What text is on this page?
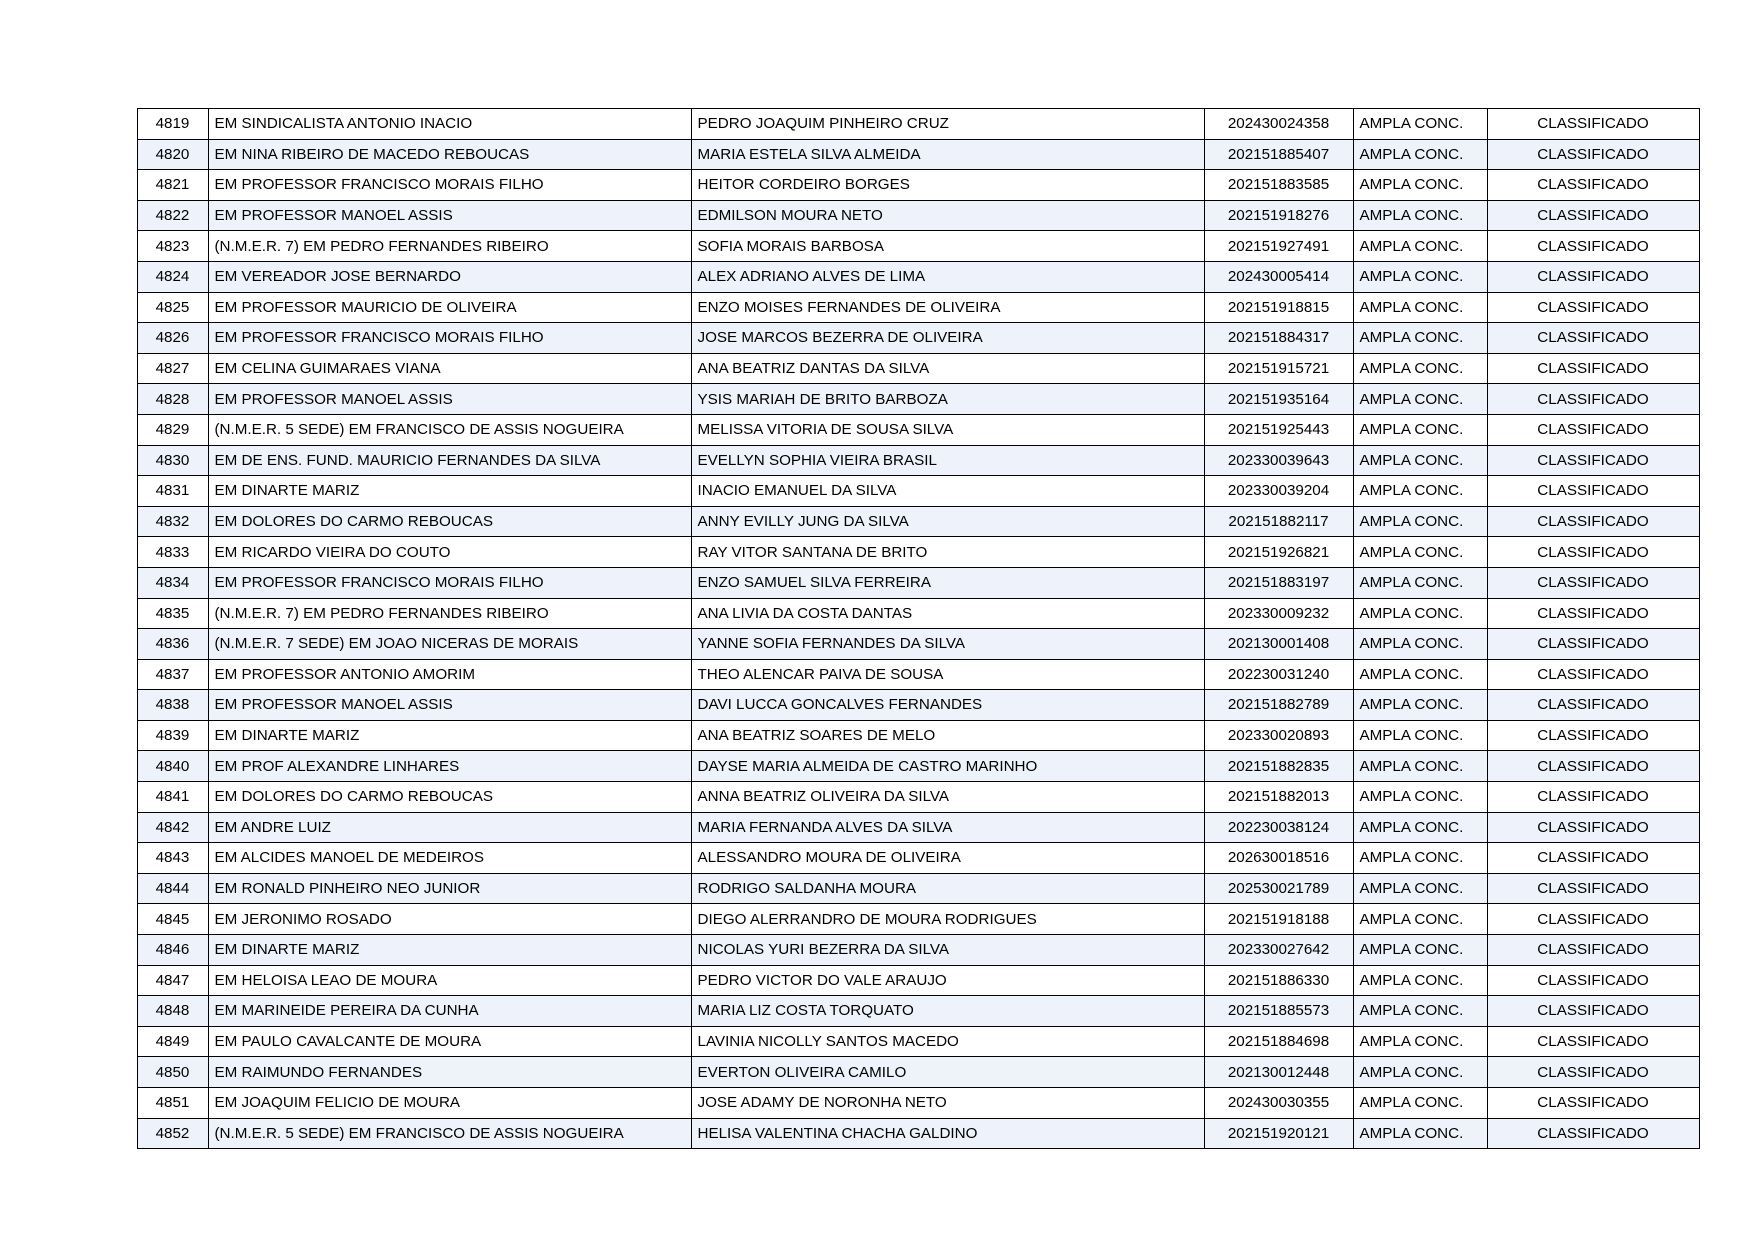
4819	EM SINDICALISTA ANTONIO INACIO	PEDRO JOAQUIM PINHEIRO CRUZ	202430024358	AMPLA CONC.	CLASSIFICADO
4820	EM NINA RIBEIRO DE MACEDO REBOUCAS	MARIA ESTELA SILVA ALMEIDA	202151885407	AMPLA CONC.	CLASSIFICADO
4821	EM PROFESSOR FRANCISCO MORAIS FILHO	HEITOR CORDEIRO BORGES	202151883585	AMPLA CONC.	CLASSIFICADO
4822	EM PROFESSOR MANOEL ASSIS	EDMILSON MOURA NETO	202151918276	AMPLA CONC.	CLASSIFICADO
4823	(N.M.E.R. 7) EM PEDRO FERNANDES RIBEIRO	SOFIA MORAIS BARBOSA	202151927491	AMPLA CONC.	CLASSIFICADO
4824	EM VEREADOR JOSE BERNARDO	ALEX ADRIANO ALVES DE LIMA	202430005414	AMPLA CONC.	CLASSIFICADO
4825	EM PROFESSOR MAURICIO DE OLIVEIRA	ENZO MOISES FERNANDES DE OLIVEIRA	202151918815	AMPLA CONC.	CLASSIFICADO
4826	EM PROFESSOR FRANCISCO MORAIS FILHO	JOSE MARCOS BEZERRA DE OLIVEIRA	202151884317	AMPLA CONC.	CLASSIFICADO
4827	EM CELINA GUIMARAES VIANA	ANA BEATRIZ DANTAS DA SILVA	202151915721	AMPLA CONC.	CLASSIFICADO
4828	EM PROFESSOR MANOEL ASSIS	YSIS MARIAH DE BRITO BARBOZA	202151935164	AMPLA CONC.	CLASSIFICADO
4829	(N.M.E.R. 5 SEDE) EM FRANCISCO DE ASSIS NOGUEIRA	MELISSA VITORIA DE SOUSA SILVA	202151925443	AMPLA CONC.	CLASSIFICADO
4830	EM DE ENS. FUND. MAURICIO FERNANDES DA SILVA	EVELLYN SOPHIA VIEIRA BRASIL	202330039643	AMPLA CONC.	CLASSIFICADO
4831	EM DINARTE MARIZ	INACIO EMANUEL DA SILVA	202330039204	AMPLA CONC.	CLASSIFICADO
4832	EM DOLORES DO CARMO REBOUCAS	ANNY EVILLY JUNG DA SILVA	202151882117	AMPLA CONC.	CLASSIFICADO
4833	EM RICARDO VIEIRA DO COUTO	RAY VITOR SANTANA DE BRITO	202151926821	AMPLA CONC.	CLASSIFICADO
4834	EM PROFESSOR FRANCISCO MORAIS FILHO	ENZO SAMUEL SILVA FERREIRA	202151883197	AMPLA CONC.	CLASSIFICADO
4835	(N.M.E.R. 7) EM PEDRO FERNANDES RIBEIRO	ANA LIVIA DA COSTA DANTAS	202330009232	AMPLA CONC.	CLASSIFICADO
4836	(N.M.E.R. 7 SEDE) EM JOAO NICERAS DE MORAIS	YANNE SOFIA FERNANDES DA SILVA	202130001408	AMPLA CONC.	CLASSIFICADO
4837	EM PROFESSOR ANTONIO AMORIM	THEO ALENCAR PAIVA DE SOUSA	202230031240	AMPLA CONC.	CLASSIFICADO
4838	EM PROFESSOR MANOEL ASSIS	DAVI LUCCA GONCALVES FERNANDES	202151882789	AMPLA CONC.	CLASSIFICADO
4839	EM DINARTE MARIZ	ANA BEATRIZ SOARES DE MELO	202330020893	AMPLA CONC.	CLASSIFICADO
4840	EM PROF ALEXANDRE LINHARES	DAYSE MARIA ALMEIDA DE CASTRO MARINHO	202151882835	AMPLA CONC.	CLASSIFICADO
4841	EM DOLORES DO CARMO REBOUCAS	ANNA BEATRIZ OLIVEIRA DA SILVA	202151882013	AMPLA CONC.	CLASSIFICADO
4842	EM ANDRE LUIZ	MARIA FERNANDA ALVES DA SILVA	202230038124	AMPLA CONC.	CLASSIFICADO
4843	EM ALCIDES MANOEL DE MEDEIROS	ALESSANDRO MOURA DE OLIVEIRA	202630018516	AMPLA CONC.	CLASSIFICADO
4844	EM RONALD PINHEIRO NEO JUNIOR	RODRIGO SALDANHA MOURA	202530021789	AMPLA CONC.	CLASSIFICADO
4845	EM JERONIMO ROSADO	DIEGO ALERRANDRO DE MOURA RODRIGUES	202151918188	AMPLA CONC.	CLASSIFICADO
4846	EM DINARTE MARIZ	NICOLAS YURI BEZERRA DA SILVA	202330027642	AMPLA CONC.	CLASSIFICADO
4847	EM HELOISA LEAO DE MOURA	PEDRO VICTOR DO VALE ARAUJO	202151886330	AMPLA CONC.	CLASSIFICADO
4848	EM MARINEIDE PEREIRA DA CUNHA	MARIA LIZ COSTA TORQUATO	202151885573	AMPLA CONC.	CLASSIFICADO
4849	EM PAULO CAVALCANTE DE MOURA	LAVINIA NICOLLY SANTOS MACEDO	202151884698	AMPLA CONC.	CLASSIFICADO
4850	EM RAIMUNDO FERNANDES	EVERTON OLIVEIRA CAMILO	202130012448	AMPLA CONC.	CLASSIFICADO
4851	EM JOAQUIM FELICIO DE MOURA	JOSE ADAMY DE NORONHA NETO	202430030355	AMPLA CONC.	CLASSIFICADO
4852	(N.M.E.R. 5 SEDE) EM FRANCISCO DE ASSIS NOGUEIRA	HELISA VALENTINA CHACHA GALDINO	202151920121	AMPLA CONC.	CLASSIFICADO
